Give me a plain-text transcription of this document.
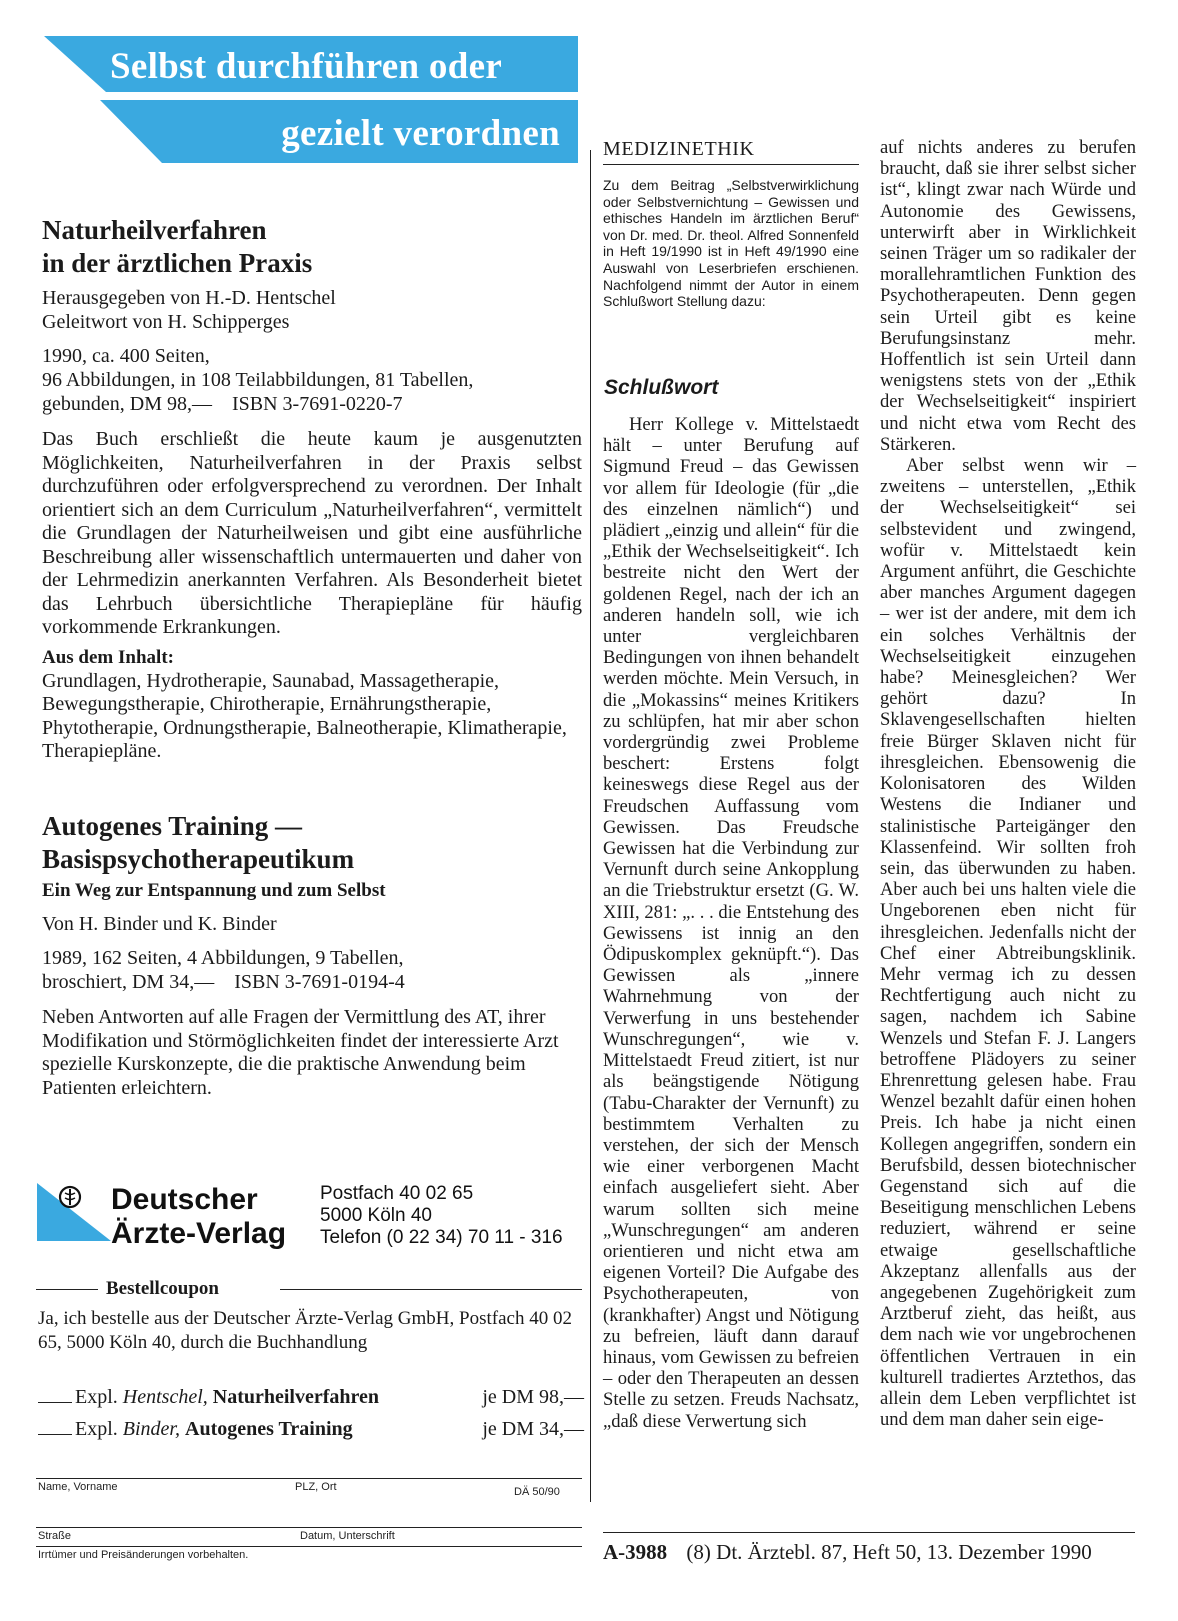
Selbst durchführen oder
gezielt verordnen
Naturheilverfahren
in der ärztlichen Praxis
Herausgegeben von H.-D. Hentschel
Geleitwort von H. Schipperges
1990, ca. 400 Seiten,
96 Abbildungen, in 108 Teilabbildungen, 81 Tabellen,
gebunden, DM 98,—    ISBN 3-7691-0220-7
Das Buch erschließt die heute kaum je ausgenutzten Möglichkeiten, Naturheilverfahren in der Praxis selbst durchzuführen oder erfolgversprechend zu verordnen. Der Inhalt orientiert sich an dem Curriculum „Naturheilverfahren“, vermittelt die Grundlagen der Naturheilweisen und gibt eine ausführliche Beschreibung aller wissenschaftlich untermauerten und daher von der Lehrmedizin anerkannten Verfahren. Als Besonderheit bietet das Lehrbuch übersichtliche Therapiepläne für häufig vorkommende Erkrankungen.
Aus dem Inhalt:
Grundlagen, Hydrotherapie, Saunabad, Massagetherapie, Bewegungstherapie, Chirotherapie, Ernährungstherapie, Phytotherapie, Ordnungstherapie, Balneotherapie, Klimatherapie, Therapiepläne.
Autogenes Training —
Basispsychotherapeutikum
Ein Weg zur Entspannung und zum Selbst
Von H. Binder und K. Binder
1989, 162 Seiten, 4 Abbildungen, 9 Tabellen,
broschiert, DM 34,—    ISBN 3-7691-0194-4
Neben Antworten auf alle Fragen der Vermittlung des AT, ihrer Modifikation und Störmöglichkeiten findet der interessierte Arzt spezielle Kurskonzepte, die die praktische Anwendung beim Patienten erleichtern.
Deutscher
Ärzte-Verlag
Postfach 40 02 65
5000 Köln 40
Telefon (0 22 34) 70 11 - 316
Bestellcoupon
Ja, ich bestelle aus der Deutscher Ärzte-Verlag GmbH, Postfach 40 02 65, 5000 Köln 40, durch die Buchhandlung
Expl. Hentschel, Naturheilverfahren	je DM 98,—
Expl. Binder, Autogenes Training	je DM 34,—
Name, Vorname	PLZ, Ort	DÄ 50/90
Straße	Datum, Unterschrift
Irrtümer und Preisänderungen vorbehalten.
MEDIZINETHIK
Zu dem Beitrag „Selbstverwirklichung oder Selbstvernichtung – Gewissen und ethisches Handeln im ärztlichen Beruf“ von Dr. med. Dr. theol. Alfred Sonnenfeld in Heft 19/1990 ist in Heft 49/1990 eine Auswahl von Leserbriefen erschienen. Nachfolgend nimmt der Autor in einem Schlußwort Stellung dazu:
Schlußwort

Herr Kollege v. Mittelstaedt hält – unter Berufung auf Sigmund Freud – das Gewissen vor allem für Ideologie (für „die des einzelnen nämlich“) und plädiert „einzig und allein“ für die „Ethik der Wechselseitigkeit“. Ich bestreite nicht den Wert der goldenen Regel, nach der ich an anderen handeln soll, wie ich unter vergleichbaren Bedingungen von ihnen behandelt werden möchte. Mein Versuch, in die „Mokassins“ meines Kritikers zu schlüpfen, hat mir aber schon vordergründig zwei Probleme beschert: Erstens folgt keineswegs diese Regel aus der Freudschen Auffassung vom Gewissen. Das Freudsche Gewissen hat die Verbindung zur Vernunft durch seine Ankopplung an die Triebstruktur ersetzt (G. W. XIII, 281: „. . . die Entstehung des Gewissens ist innig an den Ödipuskomplex geknüpft.“). Das Gewissen als „innere Wahrnehmung von der Verwerfung in uns bestehender Wunschregungen“, wie v. Mittelstaedt Freud zitiert, ist nur als beängstigende Nötigung (Tabu-Charakter der Vernunft) zu bestimmtem Verhalten zu verstehen, der sich der Mensch wie einer verborgenen Macht einfach ausgeliefert sieht. Aber warum sollten sich meine „Wunschregungen“ am anderen orientieren und nicht etwa am eigenen Vorteil? Die Aufgabe des Psychotherapeuten, von (krankhafter) Angst und Nötigung zu befreien, läuft dann darauf hinaus, vom Gewissen zu befreien – oder den Therapeuten an dessen Stelle zu setzen. Freuds Nachsatz, „daß diese Verwertung sich

auf nichts anderes zu berufen braucht, daß sie ihrer selbst sicher ist“, klingt zwar nach Würde und Autonomie des Gewissens, unterwirft aber in Wirklichkeit seinen Träger um so radikaler der morallehramtlichen Funktion des Psychotherapeuten. Denn gegen sein Urteil gibt es keine Berufungsinstanz mehr. Hoffentlich ist sein Urteil dann wenigstens stets von der „Ethik der Wechselseitigkeit“ inspiriert und nicht etwa vom Recht des Stärkeren.

Aber selbst wenn wir – zweitens – unterstellen, „Ethik der Wechselseitigkeit“ sei selbstevident und zwingend, wofür v. Mittelstaedt kein Argument anführt, die Geschichte aber manches Argument dagegen – wer ist der andere, mit dem ich ein solches Verhältnis der Wechselseitigkeit einzugehen habe? Meinesgleichen? Wer gehört dazu? In Sklavengesellschaften hielten freie Bürger Sklaven nicht für ihresgleichen. Ebensowenig die Kolonisatoren des Wilden Westens die Indianer und stalinistische Parteigänger den Klassenfeind. Wir sollten froh sein, das überwunden zu haben. Aber auch bei uns halten viele die Ungeborenen eben nicht für ihresgleichen. Jedenfalls nicht der Chef einer Abtreibungsklinik. Mehr vermag ich zu dessen Rechtfertigung auch nicht zu sagen, nachdem ich Sabine Wenzels und Stefan F. J. Langers betroffene Plädoyers zu seiner Ehrenrettung gelesen habe. Frau Wenzel bezahlt dafür einen hohen Preis. Ich habe ja nicht einen Kollegen angegriffen, sondern ein Berufsbild, dessen biotechnischer Gegenstand sich auf die Beseitigung menschlichen Lebens reduziert, während er seine etwaige gesellschaftliche Akzeptanz allenfalls aus der angegebenen Zugehörigkeit zum Arztberuf zieht, das heißt, aus dem nach wie vor ungebrochenen öffentlichen Vertrauen in ein kulturell tradiertes Arztethos, das allein dem Leben verpflichtet ist und dem man daher sein eige-

A-3988 (8) Dt. Ärztebl. 87, Heft 50, 13. Dezember 1990
